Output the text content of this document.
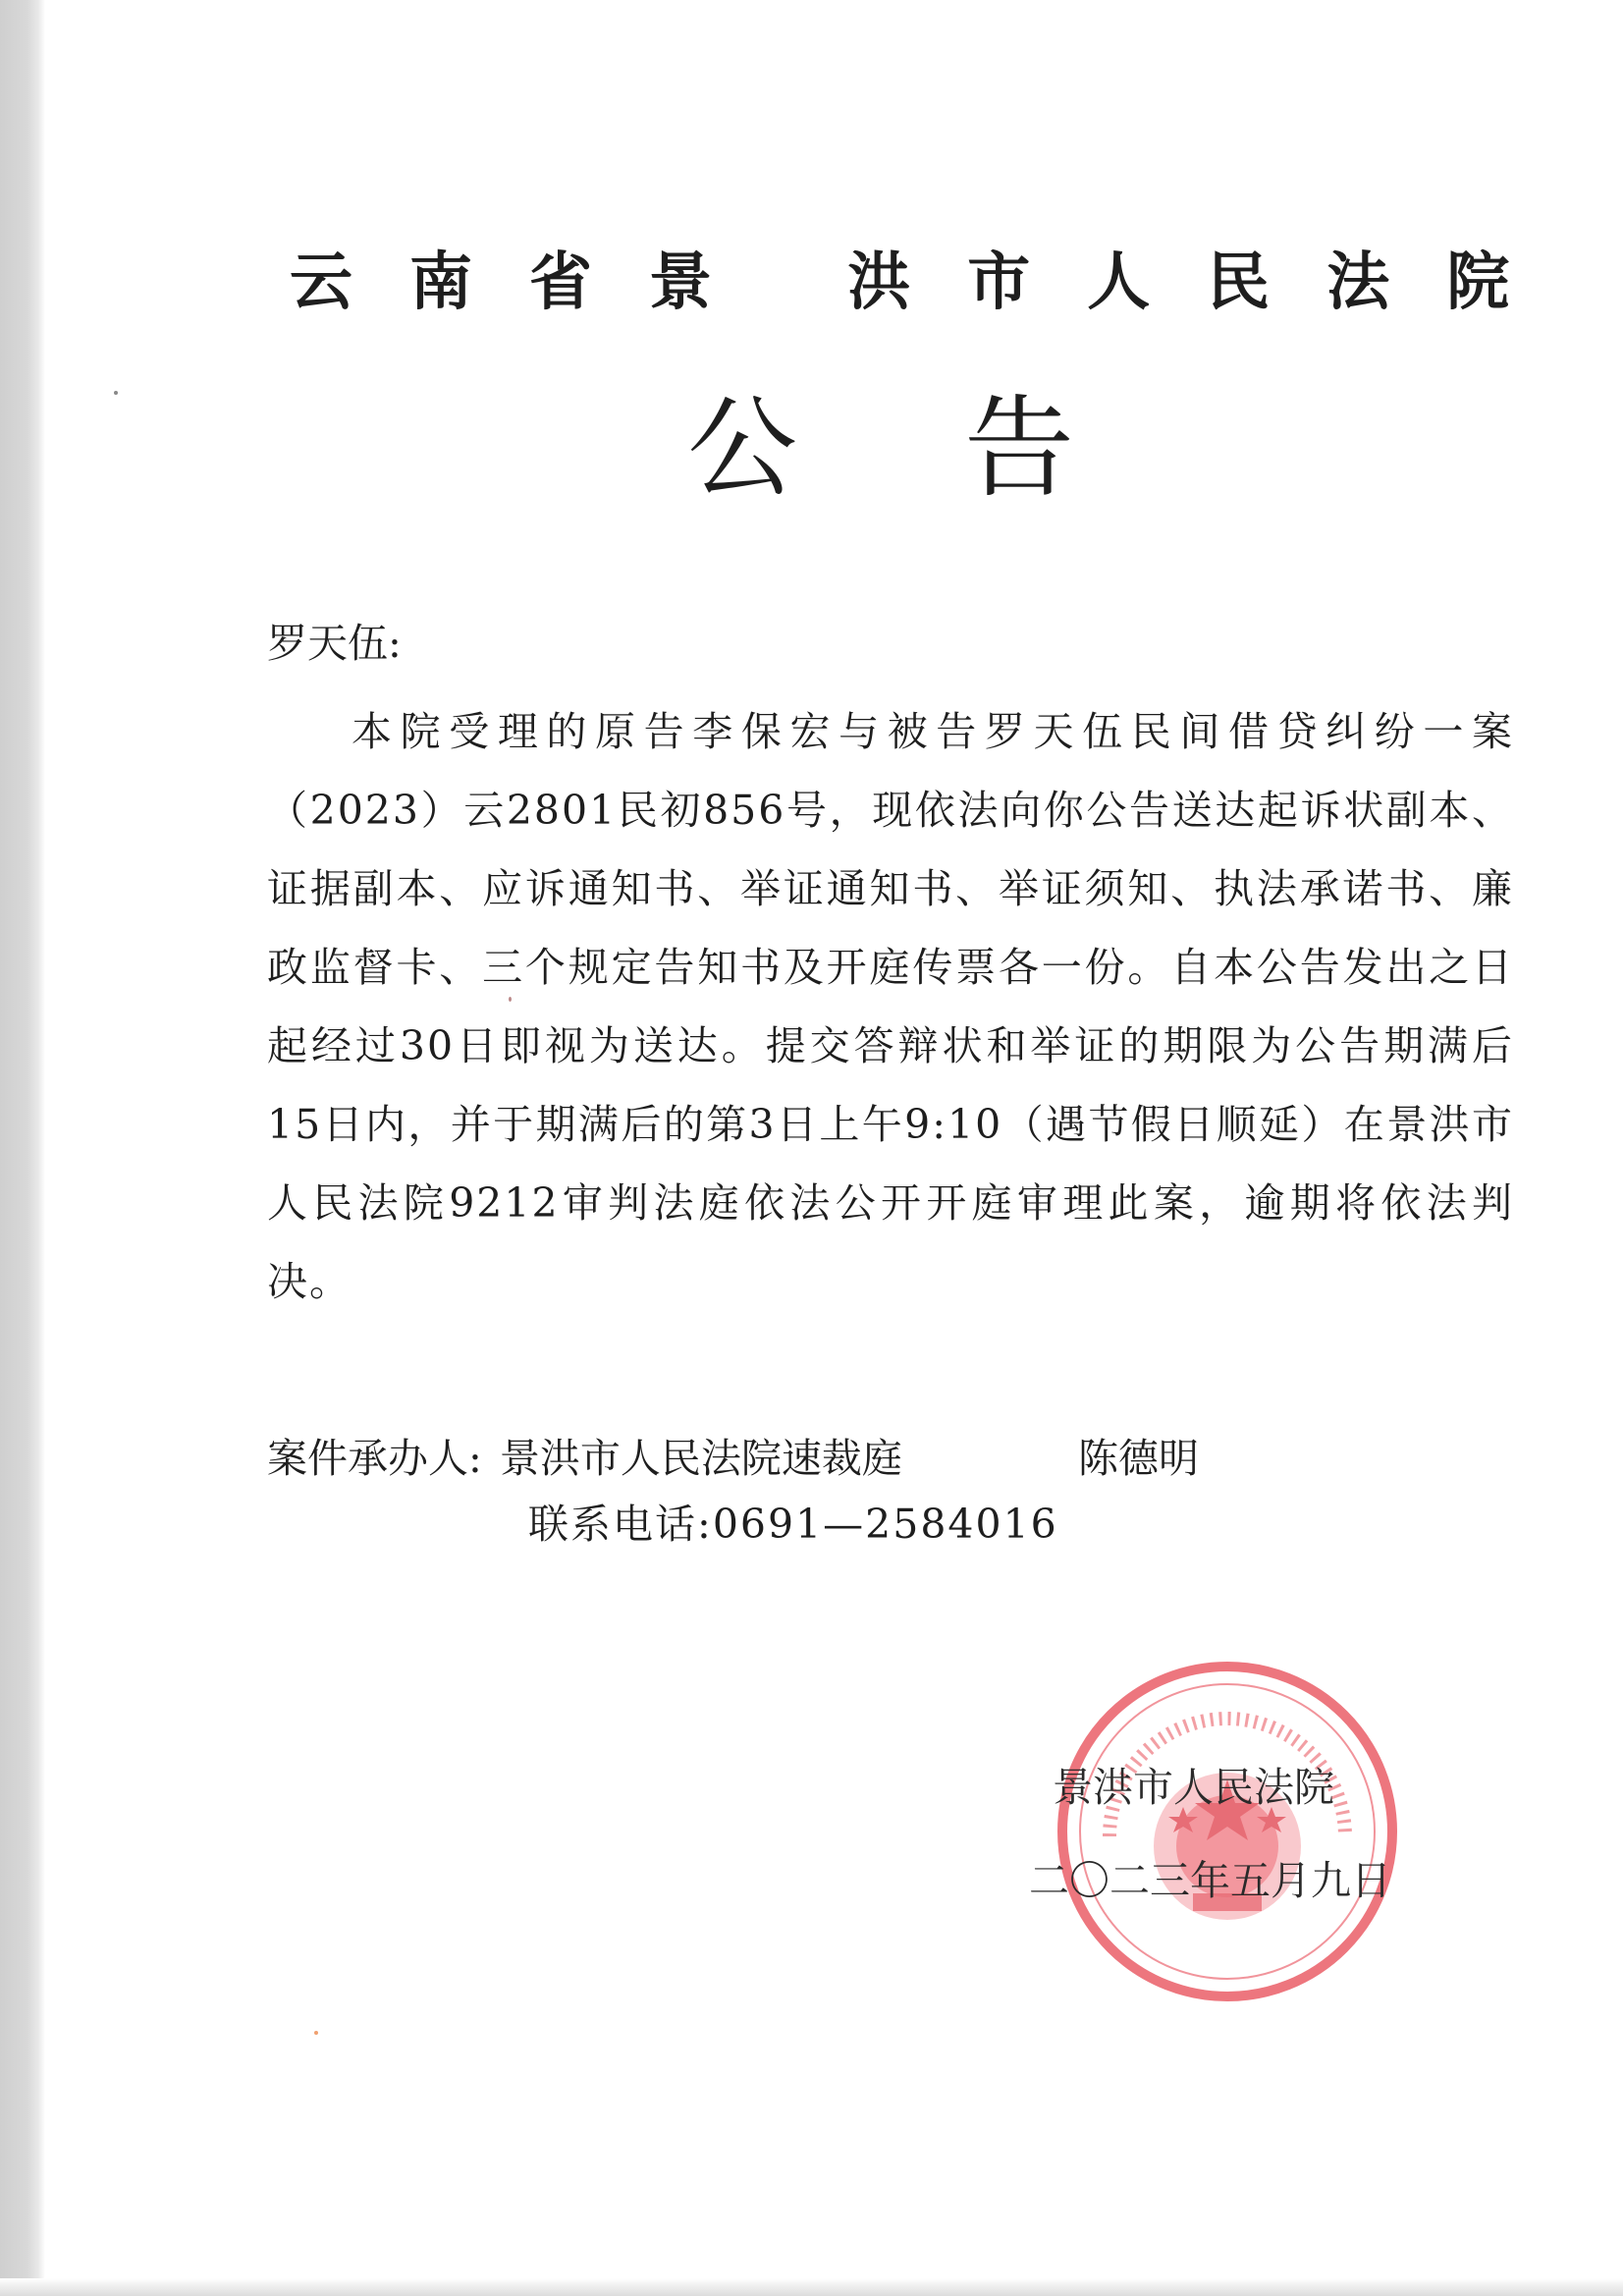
云南省景 洪市人民法院
公告
罗天伍:

本院受理的原告李保宏与被告罗天伍民间借贷纠纷一案（2023）云2801民初856号，现依法向你公告送达起诉状副本、证据副本、应诉通知书、举证通知书、举证须知、执法承诺书、廉政监督卡、三个规定告知书及开庭传票各一份。自本公告发出之日起经过30日即视为送达。提交答辩状和举证的期限为公告期满后15日内，并于期满后的第3日上午9:10（遇节假日顺延）在景洪市人民法院9212审判法庭依法公开开庭审理此案，逾期将依法判决。

案件承办人: 景洪市人民法院速裁庭	陈德明
联系电话:0691—2584016
景洪市人民法院
二〇二三年五月九日
